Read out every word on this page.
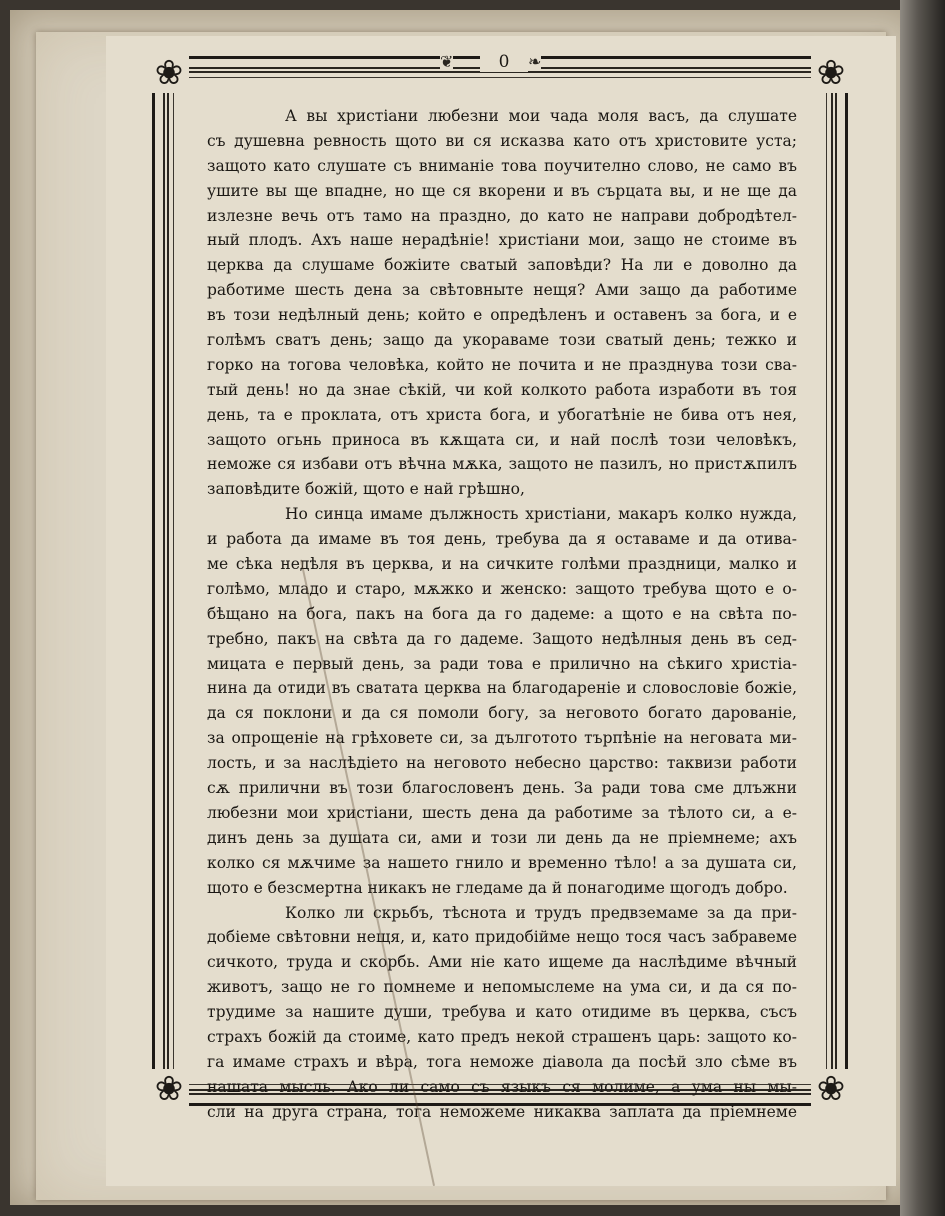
❀	❀
❀	❀
❦	0	❧
А вы христiани любезни мои чада моля васъ, да слушате
съ душевна ревность щото ви ся исказва като отъ христовите уста;
защото като слушате съ вниманiе това поучително слово, не само въ
ушите вы ще впадне, но ще ся вкорени и въ сърцата вы, и не ще да
излезне вечь отъ тамо на праздно, до като не направи добродѣтел-
ный плодъ. Ахъ наше нерадѣнiе! христiани мои, защо не стоиме въ
церква да слушаме божiите сватый заповѣди? На ли е доволно да
работиме шесть дена за свѣтовныте нещя? Ами защо да работиме
въ този недѣлный день; който е опредѣленъ и оставенъ за бога, и е
голѣмъ сватъ день; защо да укораваме този сватый день; тежко и
горко на тогова человѣка, който не почита и не празднува този сва-
тый день! но да знае сѣкiй, чи кой колкото работа изработи въ тоя
день, та е проклата, отъ христа бога, и убогатѣнiе не бива отъ нея,
защото огьнь приноса въ кѫщата си, и най послѣ този человѣкъ,
неможе ся избави отъ вѣчна мѫка, защото не пазилъ, но пристѫпилъ
заповѣдите божiй, щото е най грѣшно,
Но синца имаме дължность христiани, макаръ колко нужда,
и работа да имаме въ тоя день, требува да я оставаме и да отива-
ме сѣка недѣля въ церква, и на сичките голѣми праздници, малко и
голѣмо, младо и старо, мѫжко и женско: защото требува щото е о-
бѣщано на бога, пакъ на бога да го дадеме: а щото е на свѣта по-
требно, пакъ на свѣта да го дадеме. Защото недѣлныя день въ сед-
мицата е первый день, за ради това е прилично на сѣкиго христiа-
нина да отиди въ сватата церква на благодаренiе и словословiе божiе,
да ся поклони и да ся помоли богу, за неговото богато дарованiе,
за опрощенiе на грѣховете си, за дълготото търпѣнiе на неговата ми-
лость, и за наслѣдiето на неговото небесно царство: таквизи работи
сѫ прилични въ този благословенъ день. За ради това сме длъжни
любезни мои христiани, шесть дена да работиме за тѣлото си, а е-
динъ день за душата си, ами и този ли день да не прiемнеме; ахъ
колко ся мѫчиме за нашето гнило и временно тѣло! а за душата си,
щото е безсмертна никакъ не гледаме да й понагодиме щогодъ добро.
Колко ли скрьбъ, тѣснота и трудъ предвземаме за да при-
добiеме свѣтовни нещя, и, като придобiйме нещо тося часъ забравеме
сичкото, труда и скорбь. Ами нiе като ищеме да наслѣдиме вѣчный
животъ, защо не го помнеме и непомыслеме на ума си, и да ся по-
трудиме за нашите души, требува и като отидиме въ церква, съсъ
страхъ божiй да стоиме, като предъ некой страшенъ царь: защото ко-
га имаме страхъ и вѣра, тога неможе дiавола да посѣй зло сѣме въ
нашата мысль. Ако ли само съ языкъ ся молиме, а ума ны мы-
сли на друга страна, тога неможеме никаква заплата да прiемнеме
